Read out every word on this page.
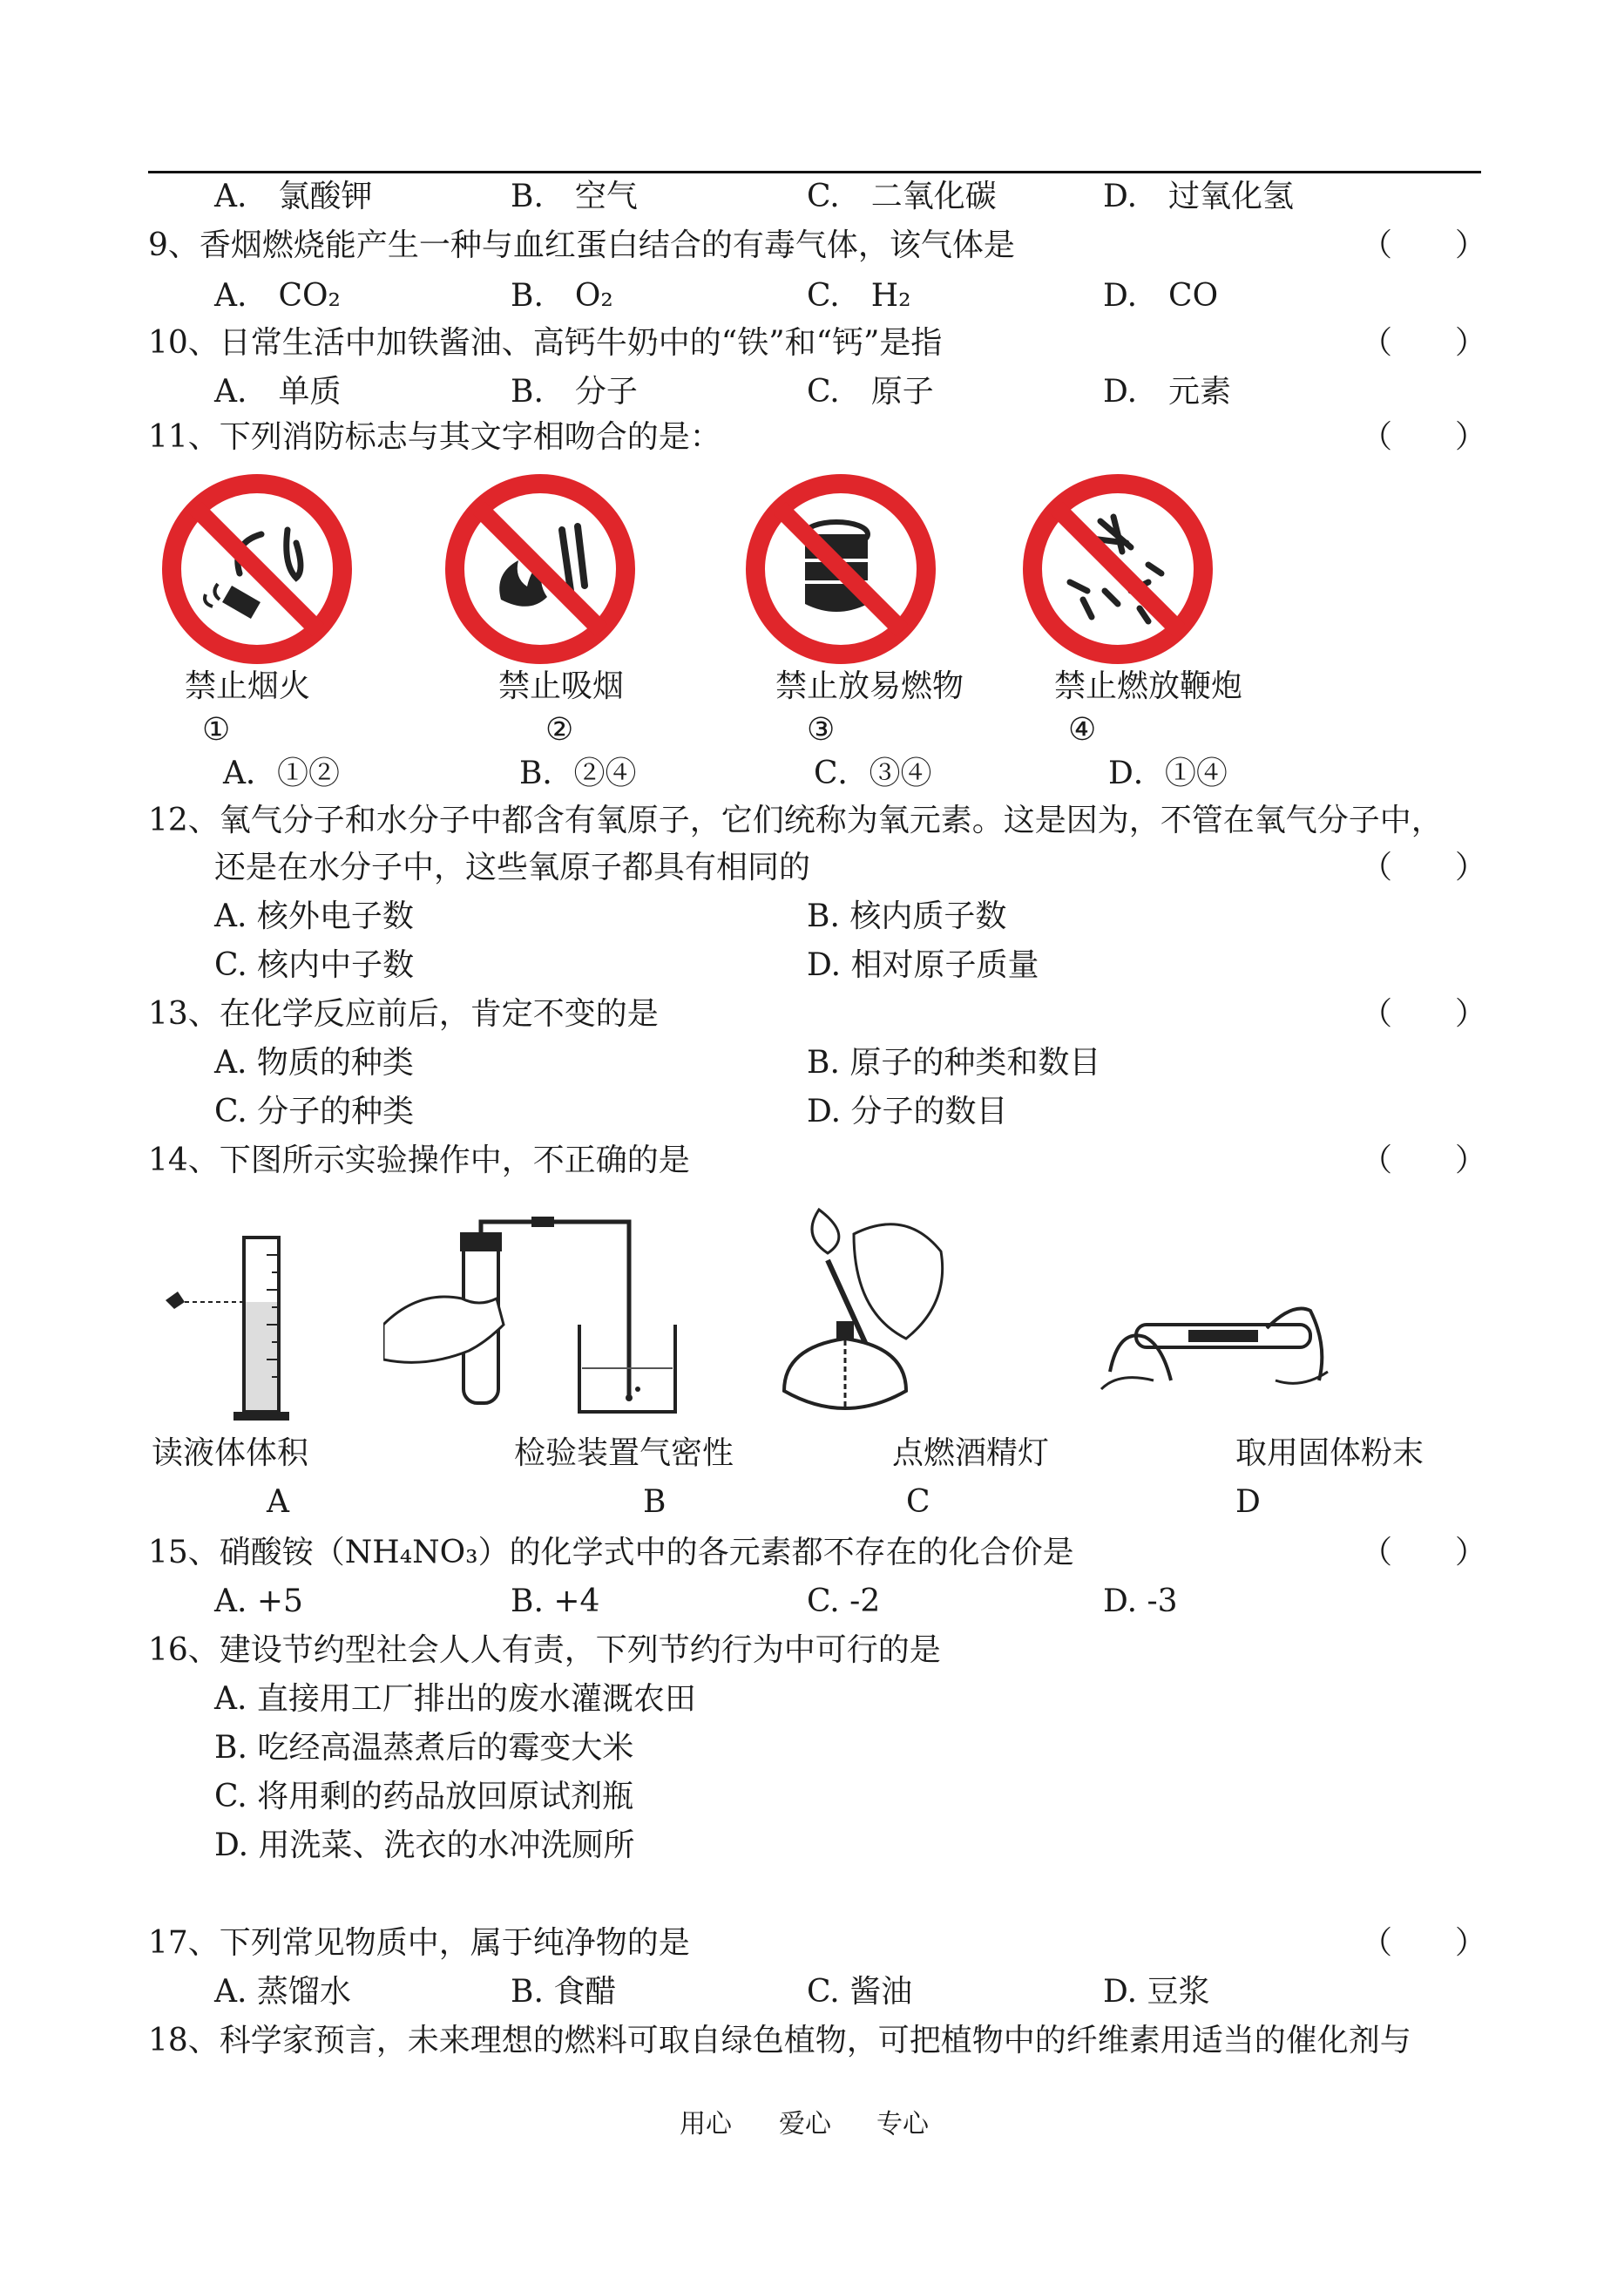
A.　氯酸钾	B.　空气	C.　二氧化碳	D.　过氧化氢
9、香烟燃烧能产生一种与血红蛋白结合的有毒气体，该气体是	（　　）
A.　CO₂	B.　O₂	C.　H₂	D.　CO
10、日常生活中加铁酱油、高钙牛奶中的“铁”和“钙”是指	（　　）
A.　单质	B.　分子	C.　原子	D.　元素
11、下列消防标志与其文字相吻合的是：	（　　）
禁止烟火	禁止吸烟	禁止放易燃物	禁止燃放鞭炮
①	②	③	④
A．①②	B．②④	C．③④	D．①④
12、氧气分子和水分子中都含有氧原子，它们统称为氧元素。这是因为，不管在氧气分子中，
还是在水分子中，这些氧原子都具有相同的	（　　）
A. 核外电子数	B. 核内质子数
C. 核内中子数	D. 相对原子质量
13、在化学反应前后，肯定不变的是	（　　）
A. 物质的种类	B. 原子的种类和数目
C. 分子的种类	D. 分子的数目
14、下图所示实验操作中，不正确的是	（　　）
读液体体积	检验装置气密性	点燃酒精灯	取用固体粉末
A	B	C	D
15、硝酸铵（NH₄NO₃）的化学式中的各元素都不存在的化合价是	（　　）
A. +5	B. +4	C. -2	D. -3
16、建设节约型社会人人有责，下列节约行为中可行的是
A. 直接用工厂排出的废水灌溉农田
B. 吃经高温蒸煮后的霉变大米
C. 将用剩的药品放回原试剂瓶
D. 用洗菜、洗衣的水冲洗厕所
17、下列常见物质中，属于纯净物的是	（　　）
A. 蒸馏水	B. 食醋	C. 酱油	D. 豆浆
18、科学家预言，未来理想的燃料可取自绿色植物，可把植物中的纤维素用适当的催化剂与
用心 爱心 专心
